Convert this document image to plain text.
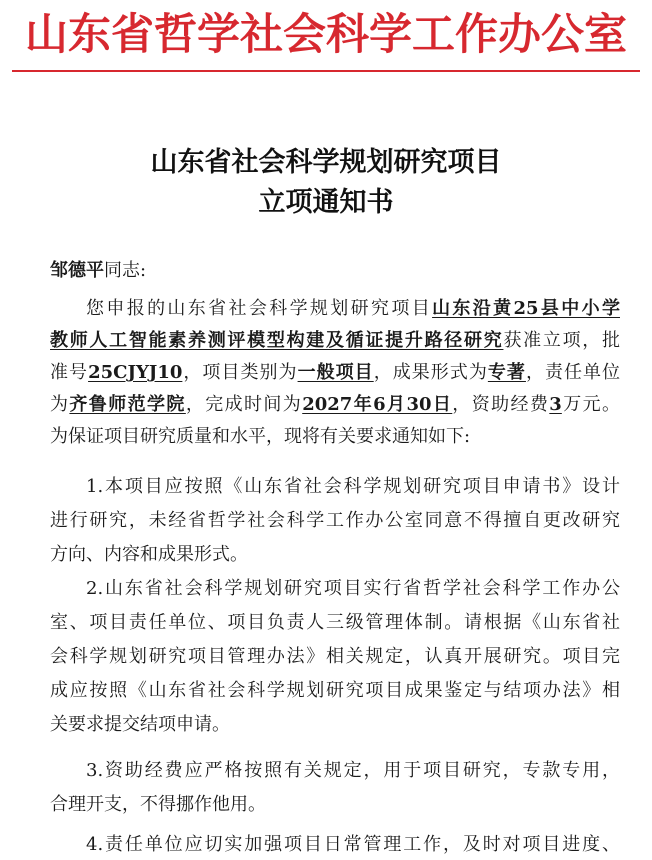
山东省哲学社会科学工作办公室
山东省社会科学规划研究项目
立项通知书
邹德平同志:
您申报的山东省社会科学规划研究项目山东沿黄25县中小学
教师人工智能素养测评模型构建及循证提升路径研究获准立项，批
准号25CJYJ10，项目类别为一般项目，成果形式为专著，责任单位
为齐鲁师范学院，完成时间为2027年6月30日，资助经费3万元。
为保证项目研究质量和水平，现将有关要求通知如下:
1.本项目应按照《山东省社会科学规划研究项目申请书》设计
进行研究，未经省哲学社会科学工作办公室同意不得擅自更改研究
方向、内容和成果形式。
2.山东省社会科学规划研究项目实行省哲学社会科学工作办公
室、项目责任单位、项目负责人三级管理体制。请根据《山东省社
会科学规划研究项目管理办法》相关规定，认真开展研究。项目完
成应按照《山东省社会科学规划研究项目成果鉴定与结项办法》相
关要求提交结项申请。
3.资助经费应严格按照有关规定，用于项目研究，专款专用，
合理开支，不得挪作他用。
4.责任单位应切实加强项目日常管理工作，及时对项目进度、
